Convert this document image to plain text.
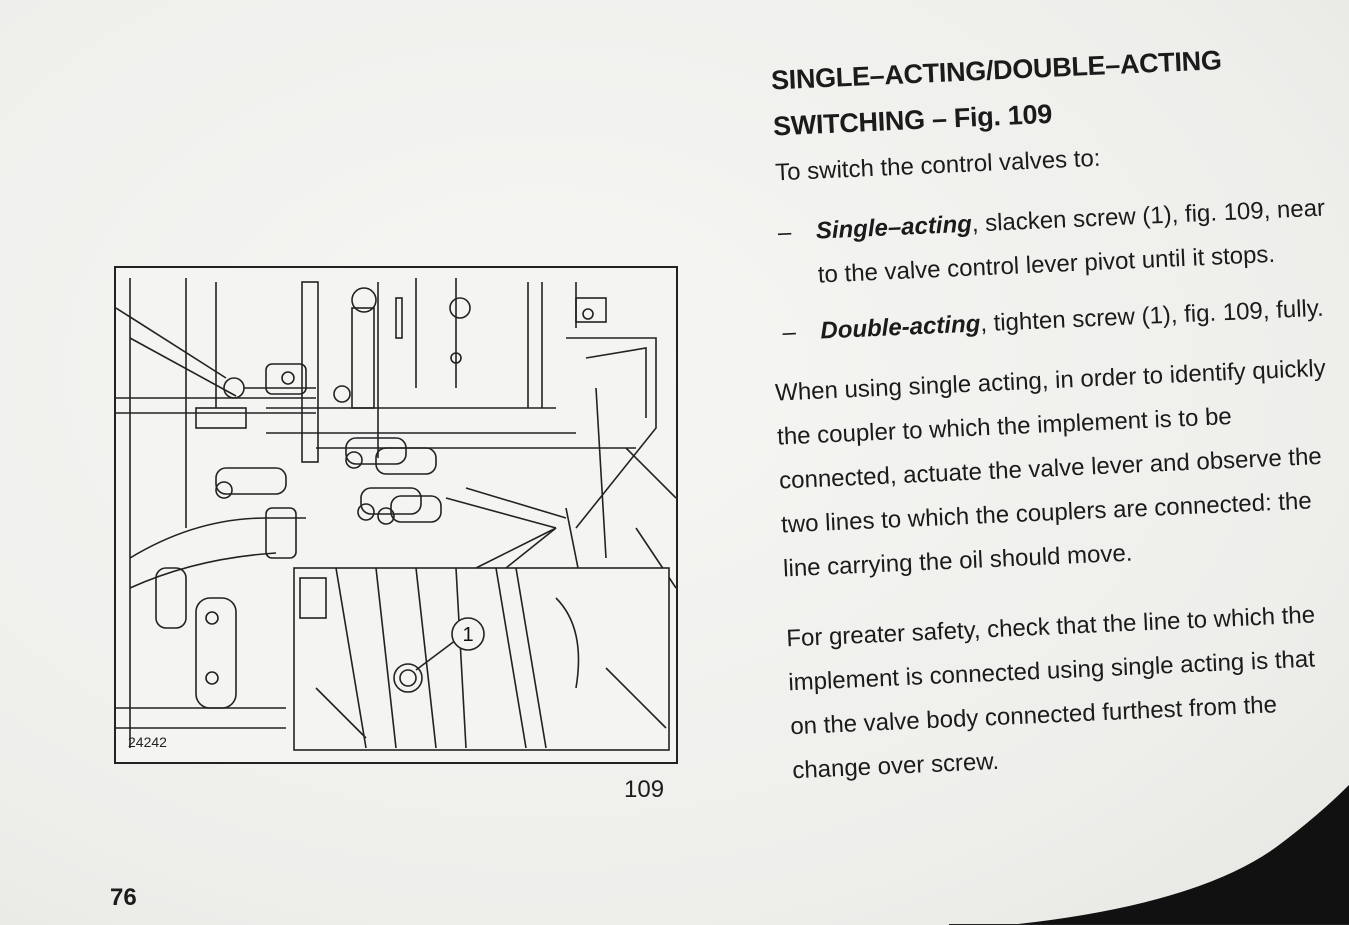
1
24242
109
76
SINGLE–ACTING/DOUBLE–ACTING
SWITCHING – Fig. 109
To switch the control valves to:
– Single–acting, slacken screw (1), fig. 109, near to the valve control lever pivot until it stops.
– Double-acting, tighten screw (1), fig. 109, fully.

When using single acting, in order to identify quickly the coupler to which the implement is to be connected, actuate the valve lever and observe the two lines to which the couplers are connected: the line carrying the oil should move.

For greater safety, check that the line to which the implement is connected using single acting is that on the valve body connected furthest from the change over screw.
